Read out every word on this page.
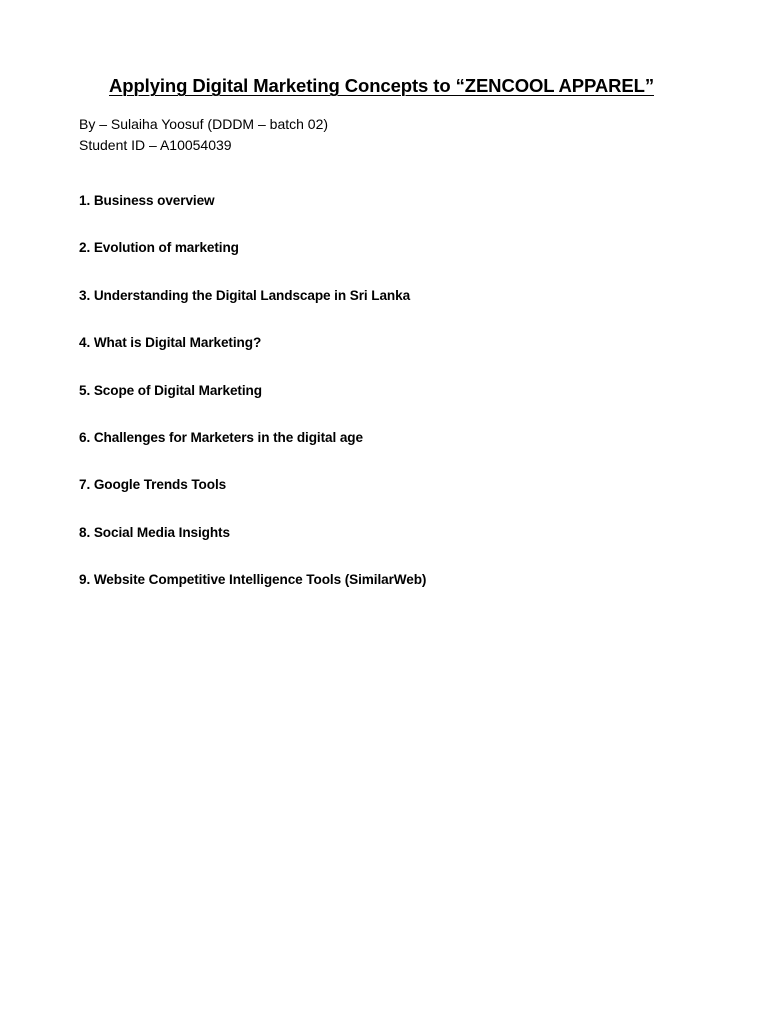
Applying Digital Marketing Concepts to “ZENCOOL APPAREL”
By – Sulaiha Yoosuf (DDDM – batch 02)
Student ID – A10054039
1. Business overview
2. Evolution of marketing
3. Understanding the Digital Landscape in Sri Lanka
4. What is Digital Marketing?
5. Scope of Digital Marketing
6. Challenges for Marketers in the digital age
7. Google Trends Tools
8. Social Media Insights
9. Website Competitive Intelligence Tools (SimilarWeb)
